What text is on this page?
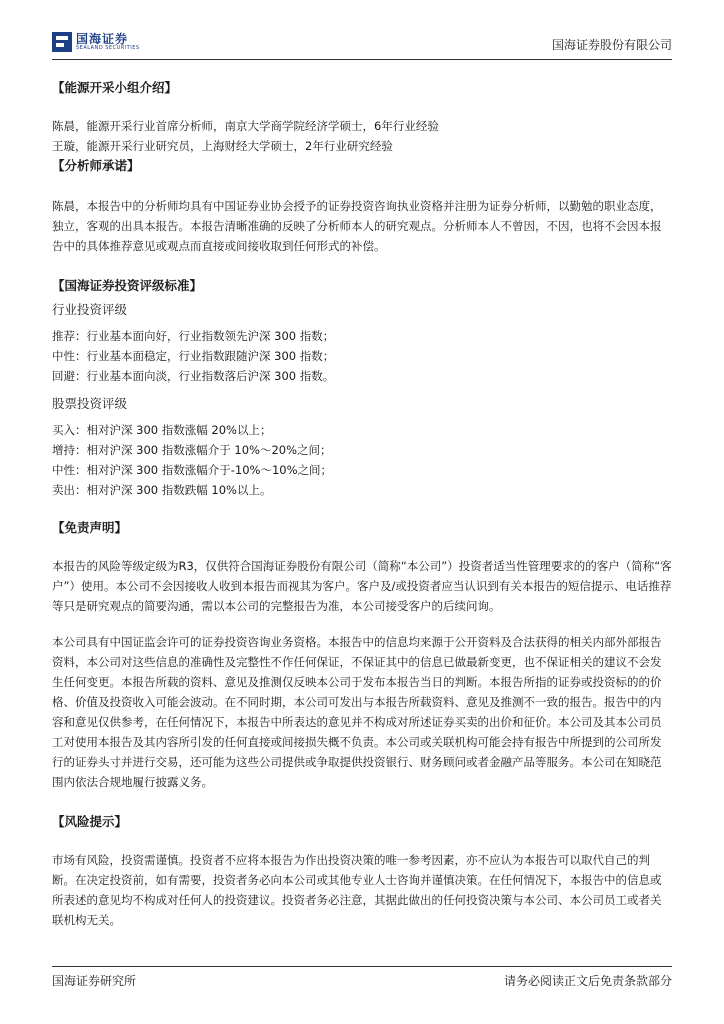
国海证券
SEALAND SECURITIES	国海证券股份有限公司

【能源开采小组介绍】

陈晨，能源开采行业首席分析师，南京大学商学院经济学硕士，6年行业经验

王璇，能源开采行业研究员，上海财经大学硕士，2年行业研究经验

【分析师承诺】

陈晨，本报告中的分析师均具有中国证券业协会授予的证券投资咨询执业资格并注册为证券分析师，以勤勉的职业态度，独立，客观的出具本报告。本报告清晰准确的反映了分析师本人的研究观点。分析师本人不曾因，不因，也将不会因本报告中的具体推荐意见或观点而直接或间接收取到任何形式的补偿。

【国海证券投资评级标准】

行业投资评级

推荐：行业基本面向好，行业指数领先沪深 300 指数；

中性：行业基本面稳定，行业指数跟随沪深 300 指数；

回避：行业基本面向淡，行业指数落后沪深 300 指数。

股票投资评级

买入：相对沪深 300 指数涨幅 20%以上；

增持：相对沪深 300 指数涨幅介于 10%～20%之间；

中性：相对沪深 300 指数涨幅介于-10%～10%之间；

卖出：相对沪深 300 指数跌幅 10%以上。

【免责声明】

本报告的风险等级定级为R3，仅供符合国海证券股份有限公司（简称“本公司”）投资者适当性管理要求的的客户（简称“客户”）使用。本公司不会因接收人收到本报告而视其为客户。客户及/或投资者应当认识到有关本报告的短信提示、电话推荐等只是研究观点的简要沟通，需以本公司的完整报告为准，本公司接受客户的后续问询。

本公司具有中国证监会许可的证券投资咨询业务资格。本报告中的信息均来源于公开资料及合法获得的相关内部外部报告资料，本公司对这些信息的准确性及完整性不作任何保证，不保证其中的信息已做最新变更，也不保证相关的建议不会发生任何变更。本报告所载的资料、意见及推测仅反映本公司于发布本报告当日的判断。本报告所指的证券或投资标的的价格、价值及投资收入可能会波动。在不同时期，本公司可发出与本报告所载资料、意见及推测不一致的报告。报告中的内容和意见仅供参考，在任何情况下，本报告中所表达的意见并不构成对所述证券买卖的出价和征价。本公司及其本公司员工对使用本报告及其内容所引发的任何直接或间接损失概不负责。本公司或关联机构可能会持有报告中所提到的公司所发行的证券头寸并进行交易，还可能为这些公司提供或争取提供投资银行、财务顾问或者金融产品等服务。本公司在知晓范围内依法合规地履行披露义务。

【风险提示】

市场有风险，投资需谨慎。投资者不应将本报告为作出投资决策的唯一参考因素，亦不应认为本报告可以取代自己的判断。在决定投资前，如有需要，投资者务必向本公司或其他专业人士咨询并谨慎决策。在任何情况下，本报告中的信息或所表述的意见均不构成对任何人的投资建议。投资者务必注意，其据此做出的任何投资决策与本公司、本公司员工或者关联机构无关。

国海证券研究所	请务必阅读正文后免责条款部分
